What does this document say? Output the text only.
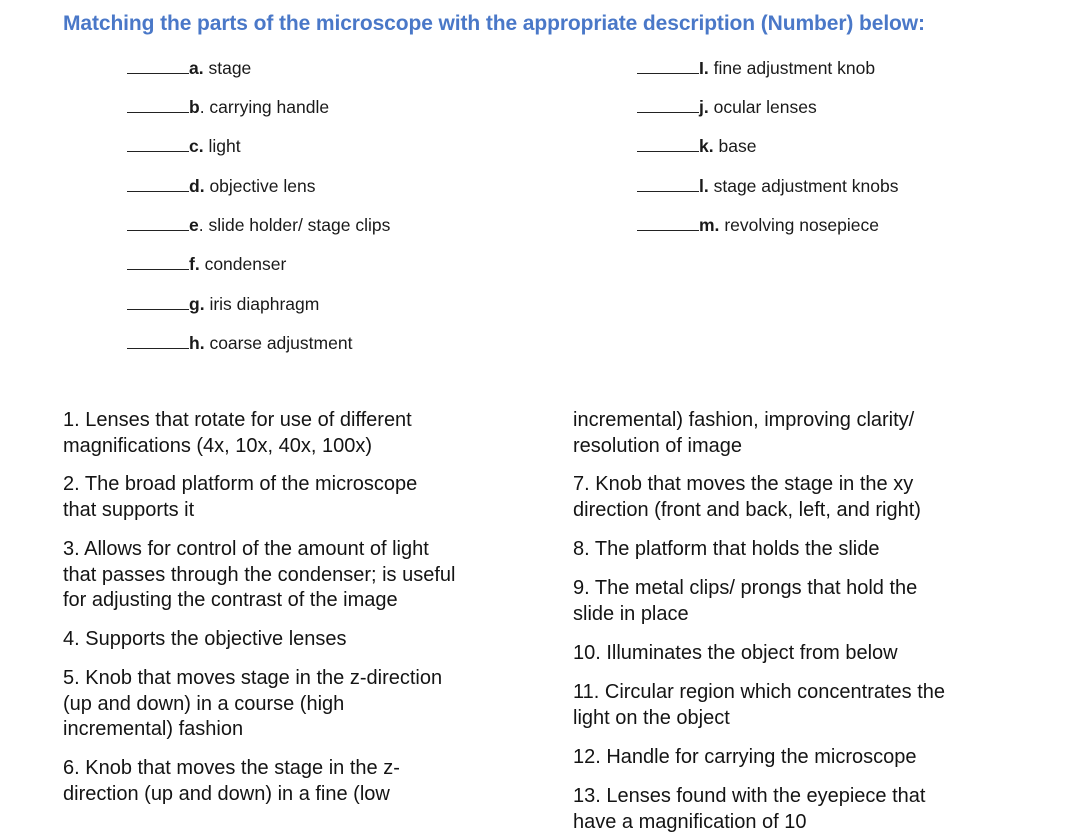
Matching the parts of the microscope with the appropriate description (Number) below:
a. stage
b. carrying handle
c. light
d. objective lens
e. slide holder/ stage clips
f. condenser
g. iris diaphragm
h. coarse adjustment
I. fine adjustment knob
j. ocular lenses
k. base
l. stage adjustment knobs
m. revolving nosepiece
1. Lenses that rotate for use of different
magnifications (4x, 10x, 40x, 100x)
2. The broad platform of the microscope
that supports it
3. Allows for control of the amount of light
that passes through the condenser; is useful
for adjusting the contrast of the image
4. Supports the objective lenses
5. Knob that moves stage in the z-direction
(up and down) in a course (high
incremental) fashion
6. Knob that moves the stage in the z-
direction (up and down) in a fine (low
incremental) fashion, improving clarity/
resolution of image
7. Knob that moves the stage in the xy
direction (front and back, left, and right)
8. The platform that holds the slide
9. The metal clips/ prongs that hold the
slide in place
10. Illuminates the object from below
11. Circular region which concentrates the
light on the object
12. Handle for carrying the microscope
13. Lenses found with the eyepiece that
have a magnification of 10
